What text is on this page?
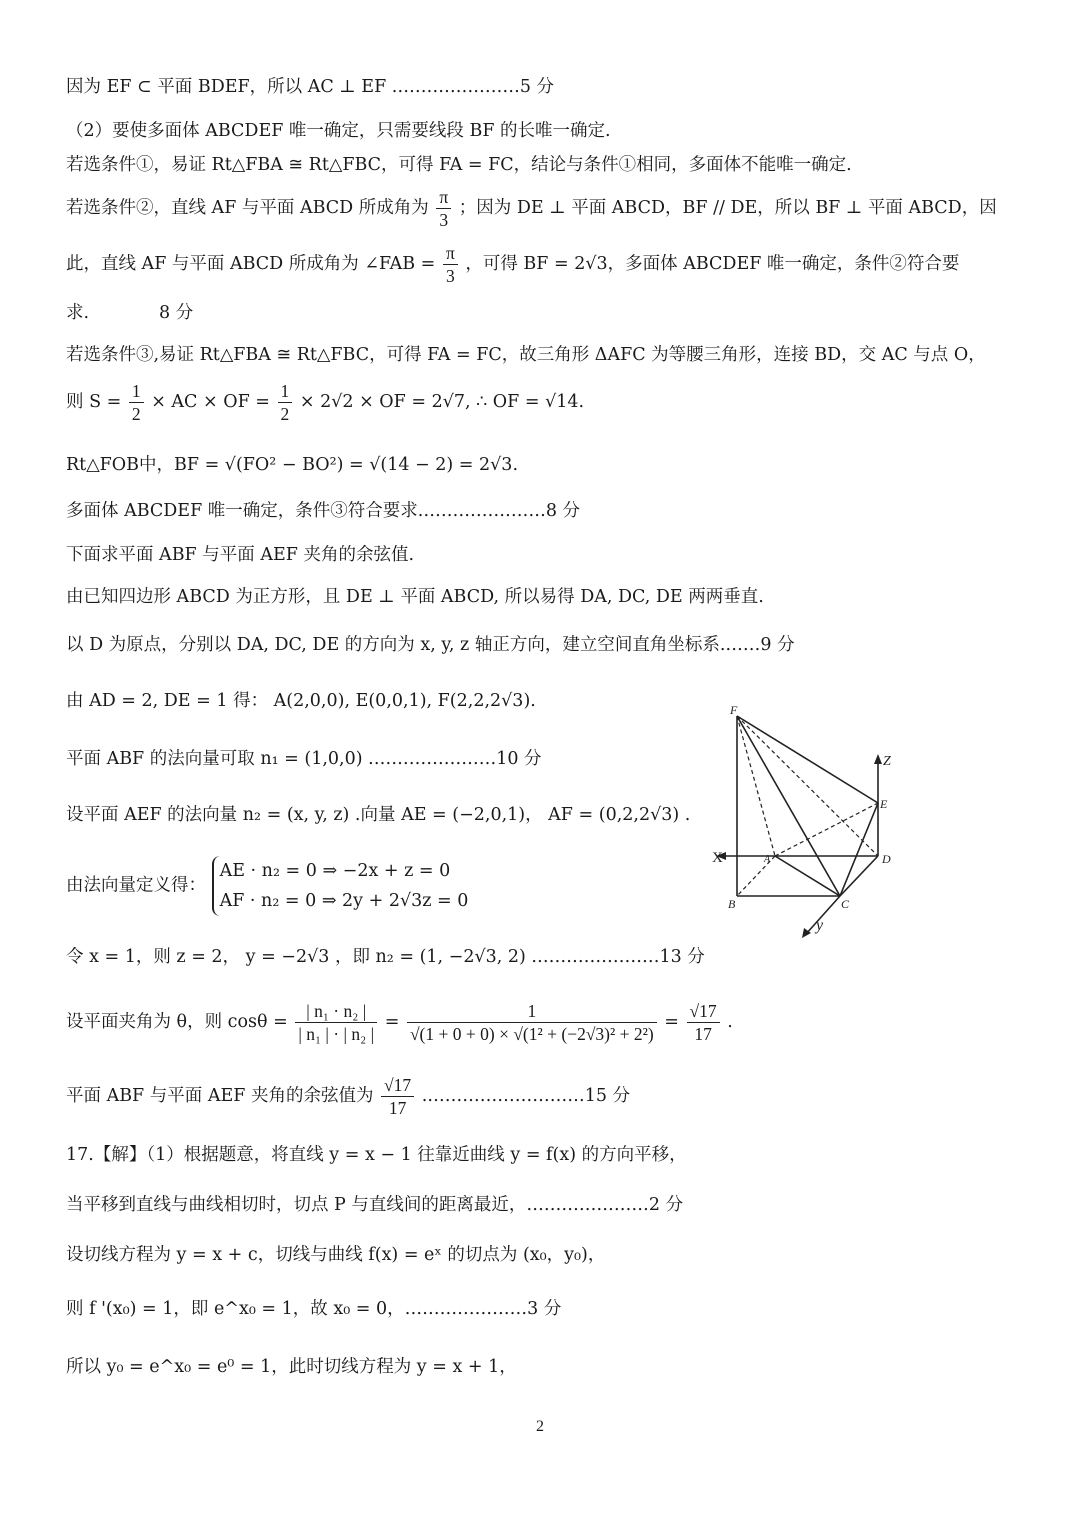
因为 EF ⊂ 平面 BDEF，所以 AC ⊥ EF .…………………5 分
（2）要使多面体 ABCDEF 唯一确定，只需要线段 BF 的长唯一确定.
若选条件①，易证 Rt△FBA ≅ Rt△FBC，可得 FA = FC，结论与条件①相同，多面体不能唯一确定.
若选条件②，直线 AF 与平面 ABCD 所成角为 $\frac{\pi}{3}$ ；因为 DE ⊥ 平面 ABCD，BF // DE，所以 BF ⊥ 平面 ABCD，因
此，直线 AF 与平面 ABCD 所成角为 ∠FAB = $\frac{\pi}{3}$ ，可得 BF = 2√3，多面体 ABCDEF 唯一确定，条件②符合要
求.　　　　8 分
若选条件③,易证 Rt△FBA ≅ Rt△FBC，可得 FA = FC，故三角形 ΔAFC 为等腰三角形，连接 BD，交 AC 与点 O，
则 $S = \frac{1}{2}$ × AC × OF = $\frac{1}{2} \times 2√2$ × OF = 2√7, ∴ OF = √14.
Rt△FOB中，BF = √(FO² − BO²) = √(14 − 2) = 2√3.
多面体 ABCDEF 唯一确定，条件③符合要求.…………………8 分
下面求平面 ABF 与平面 AEF 夹角的余弦值.
由已知四边形 ABCD 为正方形，且 DE ⊥ 平面 ABCD, 所以易得 DA, DC, DE 两两垂直.
以 D 为原点，分别以 DA, DC, DE 的方向为 x, y, z 轴正方向，建立空间直角坐标系.……9 分
由 AD = 2, DE = 1 得： A(2,0,0), E(0,0,1), F(2,2,2√3).
平面 ABF 的法向量可取 n₁ = (1,0,0) .…………………10 分
设平面 AEF 的法向量 n₂ = (x, y, z) .向量 AE = (−2,0,1)， AF = (0,2,2√3) .
由法向量定义得：
AE · n₂ = 0 ⇒ −2x + z = 0
AF · n₂ = 0 ⇒ 2y + 2√3z = 0
令 x = 1，则 z = 2， y = −2√3 ，即 n₂ = (1, −2√3, 2) .…………………13 分
设平面夹角为 θ，则 $\cos\theta = \frac{\text{| n₁ · n₂ |}}{\text{| n₁ | · | n₂ |}} = \frac{1}{\text{√(1 + 0 + 0) × √(1² + (−2√3)² + 2²)}} = \frac{√17}{17}$ .
平面 ABF 与平面 AEF 夹角的余弦值为 $\frac{√17}{17}$ .………………………15 分
17.【解】（1）根据题意，将直线 y = x − 1 往靠近曲线 y = f(x) 的方向平移，
当平移到直线与曲线相切时，切点 P 与直线间的距离最近，…………………2 分
设切线方程为 y = x + c，切线与曲线 f(x) = eˣ 的切点为 (x₀，y₀)，
则 f '(x₀) = 1，即 e^x₀ = 1，故 x₀ = 0，…………………3 分
所以 y₀ = e^x₀ = e⁰ = 1，此时切线方程为 y = x + 1，
F
Z
E
X	A	D
B	C
y
2
